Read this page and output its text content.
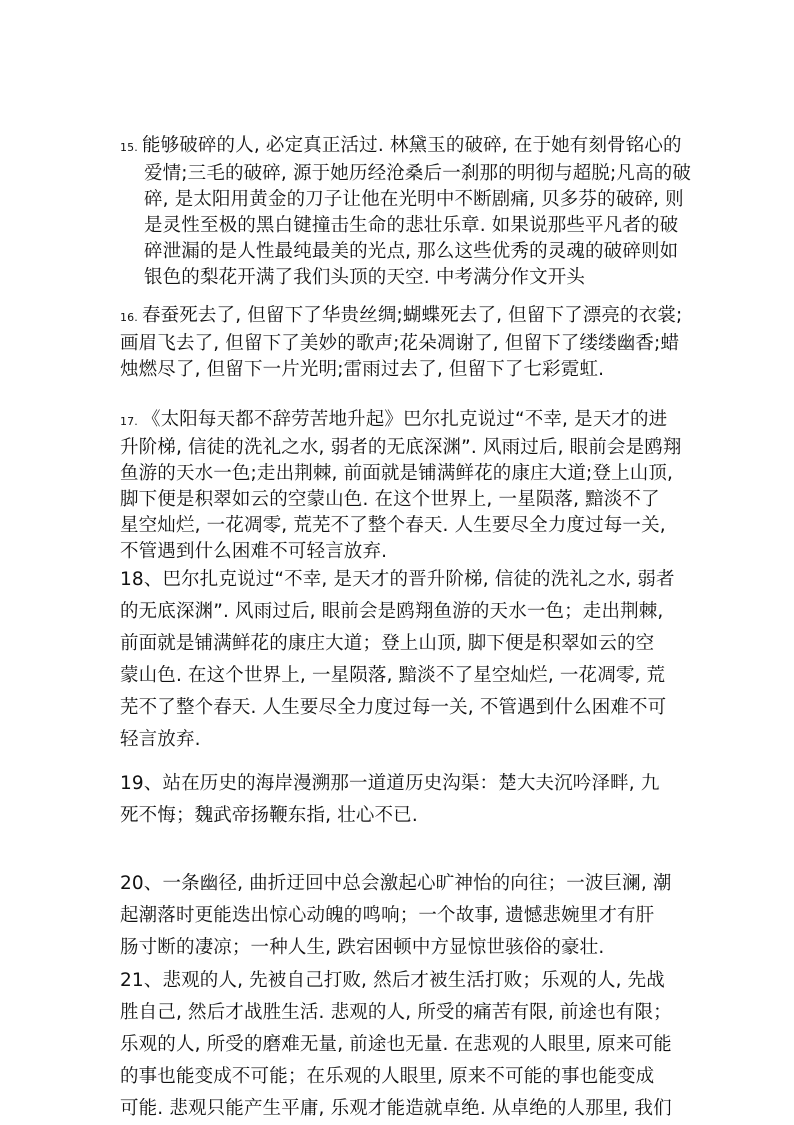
15. 能够破碎的人, 必定真正活过. 林黛玉的破碎, 在于她有刻骨铭心的
爱情;三毛的破碎, 源于她历经沧桑后一刹那的明彻与超脱;凡高的破
碎, 是太阳用黄金的刀子让他在光明中不断剧痛, 贝多芬的破碎, 则
是灵性至极的黑白键撞击生命的悲壮乐章. 如果说那些平凡者的破
碎泄漏的是人性最纯最美的光点, 那么这些优秀的灵魂的破碎则如
银色的梨花开满了我们头顶的天空. 中考满分作文开头
16. 春蚕死去了, 但留下了华贵丝绸;蝴蝶死去了, 但留下了漂亮的衣裳;
画眉飞去了, 但留下了美妙的歌声;花朵凋谢了, 但留下了缕缕幽香;蜡
烛燃尽了, 但留下一片光明;雷雨过去了, 但留下了七彩霓虹.
17. 《太阳每天都不辞劳苦地升起》巴尔扎克说过“不幸, 是天才的进
升阶梯, 信徒的洗礼之水, 弱者的无底深渊”. 风雨过后, 眼前会是鸥翔
鱼游的天水一色;走出荆棘, 前面就是铺满鲜花的康庄大道;登上山顶,
脚下便是积翠如云的空蒙山色. 在这个世界上, 一星陨落, 黯淡不了
星空灿烂, 一花凋零, 荒芜不了整个春天. 人生要尽全力度过每一关,
不管遇到什么困难不可轻言放弃.
18、巴尔扎克说过“不幸, 是天才的晋升阶梯, 信徒的洗礼之水, 弱者
的无底深渊”. 风雨过后, 眼前会是鸥翔鱼游的天水一色；走出荆棘,
前面就是铺满鲜花的康庄大道；登上山顶, 脚下便是积翠如云的空
蒙山色. 在这个世界上, 一星陨落, 黯淡不了星空灿烂, 一花凋零, 荒
芜不了整个春天. 人生要尽全力度过每一关, 不管遇到什么困难不可
轻言放弃.
19、站在历史的海岸漫溯那一道道历史沟渠：楚大夫沉吟泽畔, 九
死不悔；魏武帝扬鞭东指, 壮心不已.
20、一条幽径, 曲折迂回中总会激起心旷神怡的向往；一波巨澜, 潮
起潮落时更能迭出惊心动魄的鸣响；一个故事, 遗憾悲婉里才有肝
肠寸断的凄凉；一种人生, 跌宕困顿中方显惊世骇俗的豪壮.
21、悲观的人, 先被自己打败, 然后才被生活打败；乐观的人, 先战
胜自己, 然后才战胜生活. 悲观的人, 所受的痛苦有限, 前途也有限；
乐观的人, 所受的磨难无量, 前途也无量. 在悲观的人眼里, 原来可能
的事也能变成不可能；在乐观的人眼里, 原来不可能的事也能变成
可能. 悲观只能产生平庸, 乐观才能造就卓绝. 从卓绝的人那里, 我们
